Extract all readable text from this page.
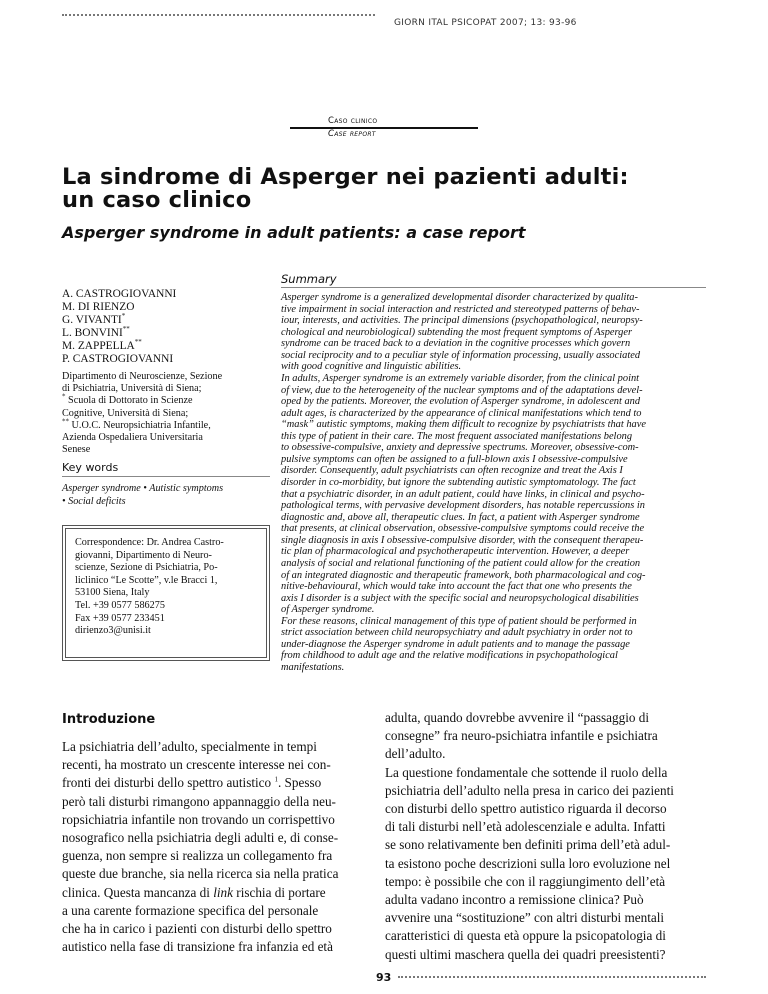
GIORN ITAL PSICOPAT 2007; 13: 93-96
Caso clinico
Case report
La sindrome di Asperger nei pazienti adulti:
un caso clinico
Asperger syndrome in adult patients: a case report
A. CASTROGIOVANNI
M. DI RIENZO
G. VIVANTI*
L. BONVINI**
M. ZAPPELLA**
P. CASTROGIOVANNI
Dipartimento di Neuroscienze, Sezione
di Psichiatria, Università di Siena;
* Scuola di Dottorato in Scienze
Cognitive, Università di Siena;
** U.O.C. Neuropsichiatria Infantile,
Azienda Ospedaliera Universitaria
Senese
Key words
Asperger syndrome • Autistic symptoms
• Social deficits
Correspondence: Dr. Andrea Castro-
giovanni, Dipartimento di Neuro-
scienze, Sezione di Psichiatria, Po-
liclinico “Le Scotte”, v.le Bracci 1,
53100 Siena, Italy
Tel. +39 0577 586275
Fax +39 0577 233451
dirienzo3@unisi.it
Summary
Asperger syndrome is a generalized developmental disorder characterized by qualita-
tive impairment in social interaction and restricted and stereotyped patterns of behav-
iour, interests, and activities. The principal dimensions (psychopathological, neuropsy-
chological and neurobiological) subtending the most frequent symptoms of Asperger
syndrome can be traced back to a deviation in the cognitive processes which govern
social reciprocity and to a peculiar style of information processing, usually associated
with good cognitive and linguistic abilities.
In adults, Asperger syndrome is an extremely variable disorder, from the clinical point
of view, due to the heterogeneity of the nuclear symptoms and of the adaptations devel-
oped by the patients. Moreover, the evolution of Asperger syndrome, in adolescent and
adult ages, is characterized by the appearance of clinical manifestations which tend to
“mask” autistic symptoms, making them difficult to recognize by psychiatrists that have
this type of patient in their care. The most frequent associated manifestations belong
to obsessive-compulsive, anxiety and depressive spectrums. Moreover, obsessive-com-
pulsive symptoms can often be assigned to a full-blown axis I obsessive-compulsive
disorder. Consequently, adult psychiatrists can often recognize and treat the Axis I
disorder in co-morbidity, but ignore the subtending autistic symptomatology. The fact
that a psychiatric disorder, in an adult patient, could have links, in clinical and psycho-
pathological terms, with pervasive development disorders, has notable repercussions in
diagnostic and, above all, therapeutic clues. In fact, a patient with Asperger syndrome
that presents, at clinical observation, obsessive-compulsive symptoms could receive the
single diagnosis in axis I obsessive-compulsive disorder, with the consequent therapeu-
tic plan of pharmacological and psychotherapeutic intervention. However, a deeper
analysis of social and relational functioning of the patient could allow for the creation
of an integrated diagnostic and therapeutic framework, both pharmacological and cog-
nitive-behavioural, which would take into account the fact that one who presents the
axis I disorder is a subject with the specific social and neuropsychological disabilities
of Asperger syndrome.
For these reasons, clinical management of this type of patient should be performed in
strict association between child neuropsychiatry and adult psychiatry in order not to
under-diagnose the Asperger syndrome in adult patients and to manage the passage
from childhood to adult age and the relative modifications in psychopathological
manifestations.
Introduzione
La psichiatria dell’adulto, specialmente in tempi
recenti, ha mostrato un crescente interesse nei con-
fronti dei disturbi dello spettro autistico $^1$. Spesso
però tali disturbi rimangono appannaggio della neu-
ropsichiatria infantile non trovando un corrispettivo
nosografico nella psichiatria degli adulti e, di conse-
guenza, non sempre si realizza un collegamento fra
queste due branche, sia nella ricerca sia nella pratica
clinica. Questa mancanza di link rischia di portare
a una carente formazione specifica del personale
che ha in carico i pazienti con disturbi dello spettro
autistico nella fase di transizione fra infanzia ed età
adulta, quando dovrebbe avvenire il “passaggio di
consegne” fra neuro-psichiatra infantile e psichiatra
dell’adulto.
La questione fondamentale che sottende il ruolo della
psichiatria dell’adulto nella presa in carico dei pazienti
con disturbi dello spettro autistico riguarda il decorso
di tali disturbi nell’età adolescenziale e adulta. Infatti
se sono relativamente ben definiti prima dell’età adul-
ta esistono poche descrizioni sulla loro evoluzione nel
tempo: è possibile che con il raggiungimento dell’età
adulta vadano incontro a remissione clinica? Può
avvenire una “sostituzione” con altri disturbi mentali
caratteristici di questa età oppure la psicopatologia di
questi ultimi maschera quella dei quadri preesistenti?
93
